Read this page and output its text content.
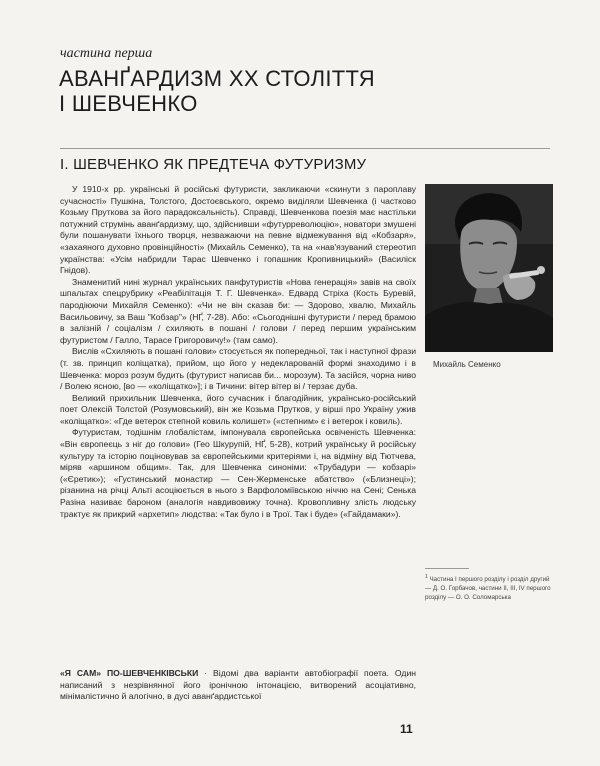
частина перша
АВАНҐАРДИЗМ XX СТОЛІТТЯ
І ШЕВЧЕНКО
I. ШЕВЧЕНКО ЯК ПРЕДТЕЧА ФУТУРИЗМУ

У 1910-х рр. українські й російські футуристи, закликаючи «скинути з пароплаву сучасності» Пушкіна, Толстого, Достоєвського, окремо виділяли Шевченка (і частково Козьму Пруткова за його парадоксальність). Справді, Шевченкова поезія має настільки потужний струмінь аванґардизму, що, здійснивши «футурреволюцію», новатори змушені були пошанувати їхнього творця, незважаючи на певне відмежування від «Кобзаря», «захаяного духовно провінційності» (Михайль Семенко), та на «нав'язуваний стереотип українства: «Усім набридли Тарас Шевченко і гопашник Кропивницький» (Василіск Гнідов).

Знаменитий нині журнал українських панфутуристів «Нова генерація» завів на своїх шпальтах спецрубрику «Реабілітація Т. Г. Шевченка». Едвард Стріха (Кость Буревій, пародіюючи Михайля Семенко): «Чи не він сказав би: — Здорово, хвалю, Михайль Васильовичу, за Ваш "Кобзар"» (НҐ, 7-28). Або: «Сьогоднішні футуристи / перед брамою в залізній / соціалізм / схиляють в пошані / голови / перед першим українським футуристом / Галло, Тарасе Григоровичу!» (там само).

Вислів «Схиляють в пошані голови» стосується як попередньої, так і наступної фрази (т. зв. принцип коліщатка), прийом, що його у недекларованій формі знаходимо і в Шевченка: мороз розум будить (футурист написав би... морозум). Та засійся, чорна ниво / Волею ясною, [во — «коліщатко»]; і в Тичини: вітер вітер ві / терзає дуба.

Великий прихильник Шевченка, його сучасник і благодійник, українсько-російський поет Олексій Толстой (Розумовський), він же Козьма Прутков, у вірші про Україну ужив «коліщатко»: «Где ветерок степной ковиль колишет» («степним» є і ветерок і ковиль).

Футуристам, тодішнім глобалістам, імпонувала європейська освіченість Шевченка: «Він європеєць з ніг до голови» (Гео Шкурупій, НҐ, 5-28), котрий українську й російську культуру та історію поціновував за європейськими критеріями і, на відміну від Тютчева, міряв «аршином общим». Так, для Шевченка синоніми: «Трубадури — кобзарі» («Єретик»); «Густинський монастир — Сен-Жерменське абатство» («Близнеці»); різанина на річці Альті асоціюється в нього з Варфоломіївською ніччю на Сені; Сенька Разіна називає бароном (аналогія навдивовижу точна). Кровопливну злість людську трактує як прикрий «архетип» людства: «Так було і в Трої. Так і буде» («Гайдамаки»).

«Я САМ» ПО-ШЕВЧЕНКІВСЬКИ · Відомі два варіанти автобіографії поета. Один написаний з незрівнянної його іронічною інтонацією, витворений асоціативно, мінімалістично й алогічно, в дусі аванґардистської

Михайль Семенко
$^1$ Частина I першого розділу і розділ другий — Д. О. Горбачов, частини II, III, IV першого розділу — О. О. Соломарська
11
